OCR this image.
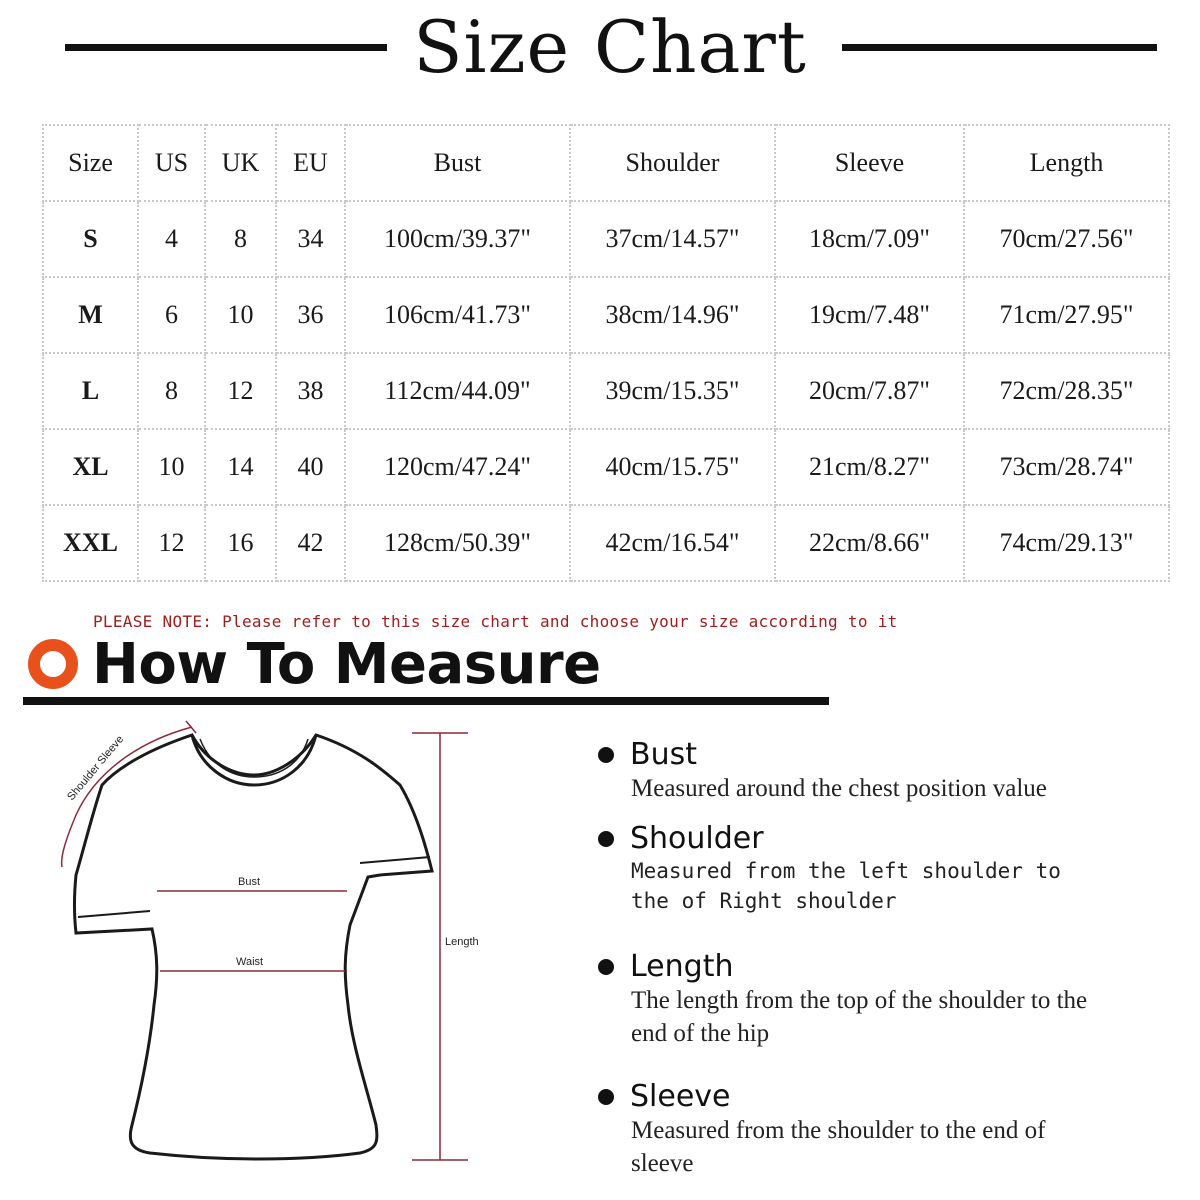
Size Chart
Size	US	UK	EU	Bust	Shoulder	Sleeve	Length
S	4	8	34	100cm/39.37"	37cm/14.57"	18cm/7.09"	70cm/27.56"
M	6	10	36	106cm/41.73"	38cm/14.96"	19cm/7.48"	71cm/27.95"
L	8	12	38	112cm/44.09"	39cm/15.35"	20cm/7.87"	72cm/28.35"
XL	10	14	40	120cm/47.24"	40cm/15.75"	21cm/8.27"	73cm/28.74"
XXL	12	16	42	128cm/50.39"	42cm/16.54"	22cm/8.66"	74cm/29.13"
PLEASE NOTE: Please refer to this size chart and choose your size according to it
How To Measure
Shoulder Sleeve
Bust
Waist
Length
Bust
Measured around the chest position value
Shoulder
Measured from the left shoulder to the of Right shoulder
Length
The length from the top of the shoulder to the end of the hip
Sleeve
Measured from the shoulder to the end of sleeve
